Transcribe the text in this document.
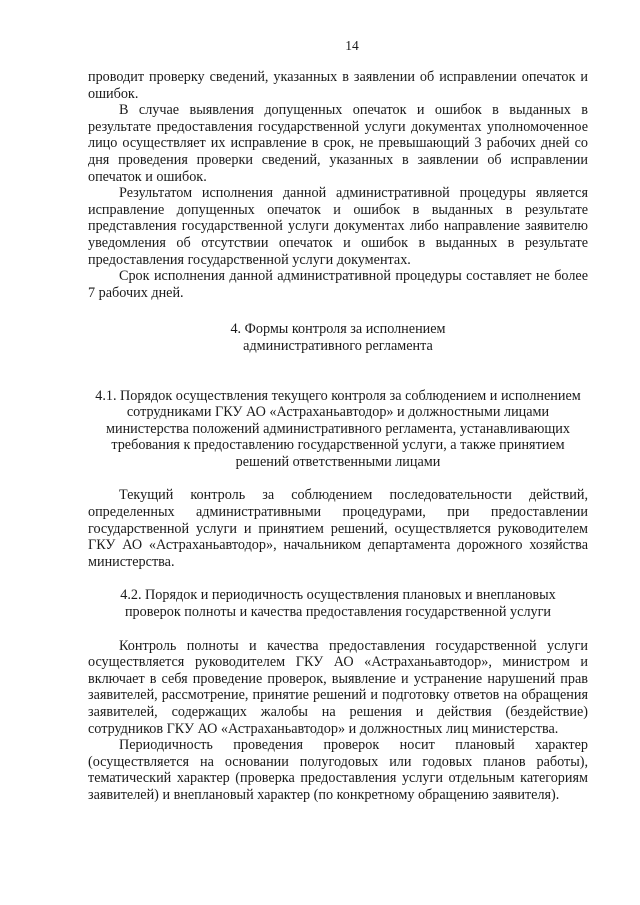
14

проводит проверку сведений, указанных в заявлении об исправлении опечаток и ошибок.

В случае выявления допущенных опечаток и ошибок в выданных в результате предоставления государственной услуги документах уполномоченное лицо осуществляет их исправление в срок, не превышающий 3 рабочих дней со дня проведения проверки сведений, указанных в заявлении об исправлении опечаток и ошибок.

Результатом исполнения данной административной процедуры является исправление допущенных опечаток и ошибок в выданных в результате представления государственной услуги документах либо направление заявителю уведомления об отсутствии опечаток и ошибок в выданных в результате предоставления государственной услуги документах.

Срок исполнения данной административной процедуры составляет не более 7 рабочих дней.

4. Формы контроля за исполнением административного регламента
4.1. Порядок осуществления текущего контроля за соблюдением и исполнением сотрудниками ГКУ АО «Астраханьавтодор» и должностными лицами министерства положений административного регламента, устанавливающих требования к предоставлению государственной услуги, а также принятием решений ответственными лицами

Текущий контроль за соблюдением последовательности действий, определенных административными процедурами, при предоставлении государственной услуги и принятием решений, осуществляется руководителем ГКУ АО «Астраханьавтодор», начальником департамента дорожного хозяйства министерства.

4.2. Порядок и периодичность осуществления плановых и внеплановых проверок полноты и качества предоставления государственной услуги

Контроль полноты и качества предоставления государственной услуги осуществляется руководителем ГКУ АО «Астраханьавтодор», министром и включает в себя проведение проверок, выявление и устранение нарушений прав заявителей, рассмотрение, принятие решений и подготовку ответов на обращения заявителей, содержащих жалобы на решения и действия (бездействие) сотрудников ГКУ АО «Астраханьавтодор» и должностных лиц министерства.

Периодичность проведения проверок носит плановый характер (осуществляется на основании полугодовых или годовых планов работы), тематический характер (проверка предоставления услуги отдельным категориям заявителей) и внеплановый характер (по конкретному обращению заявителя).
